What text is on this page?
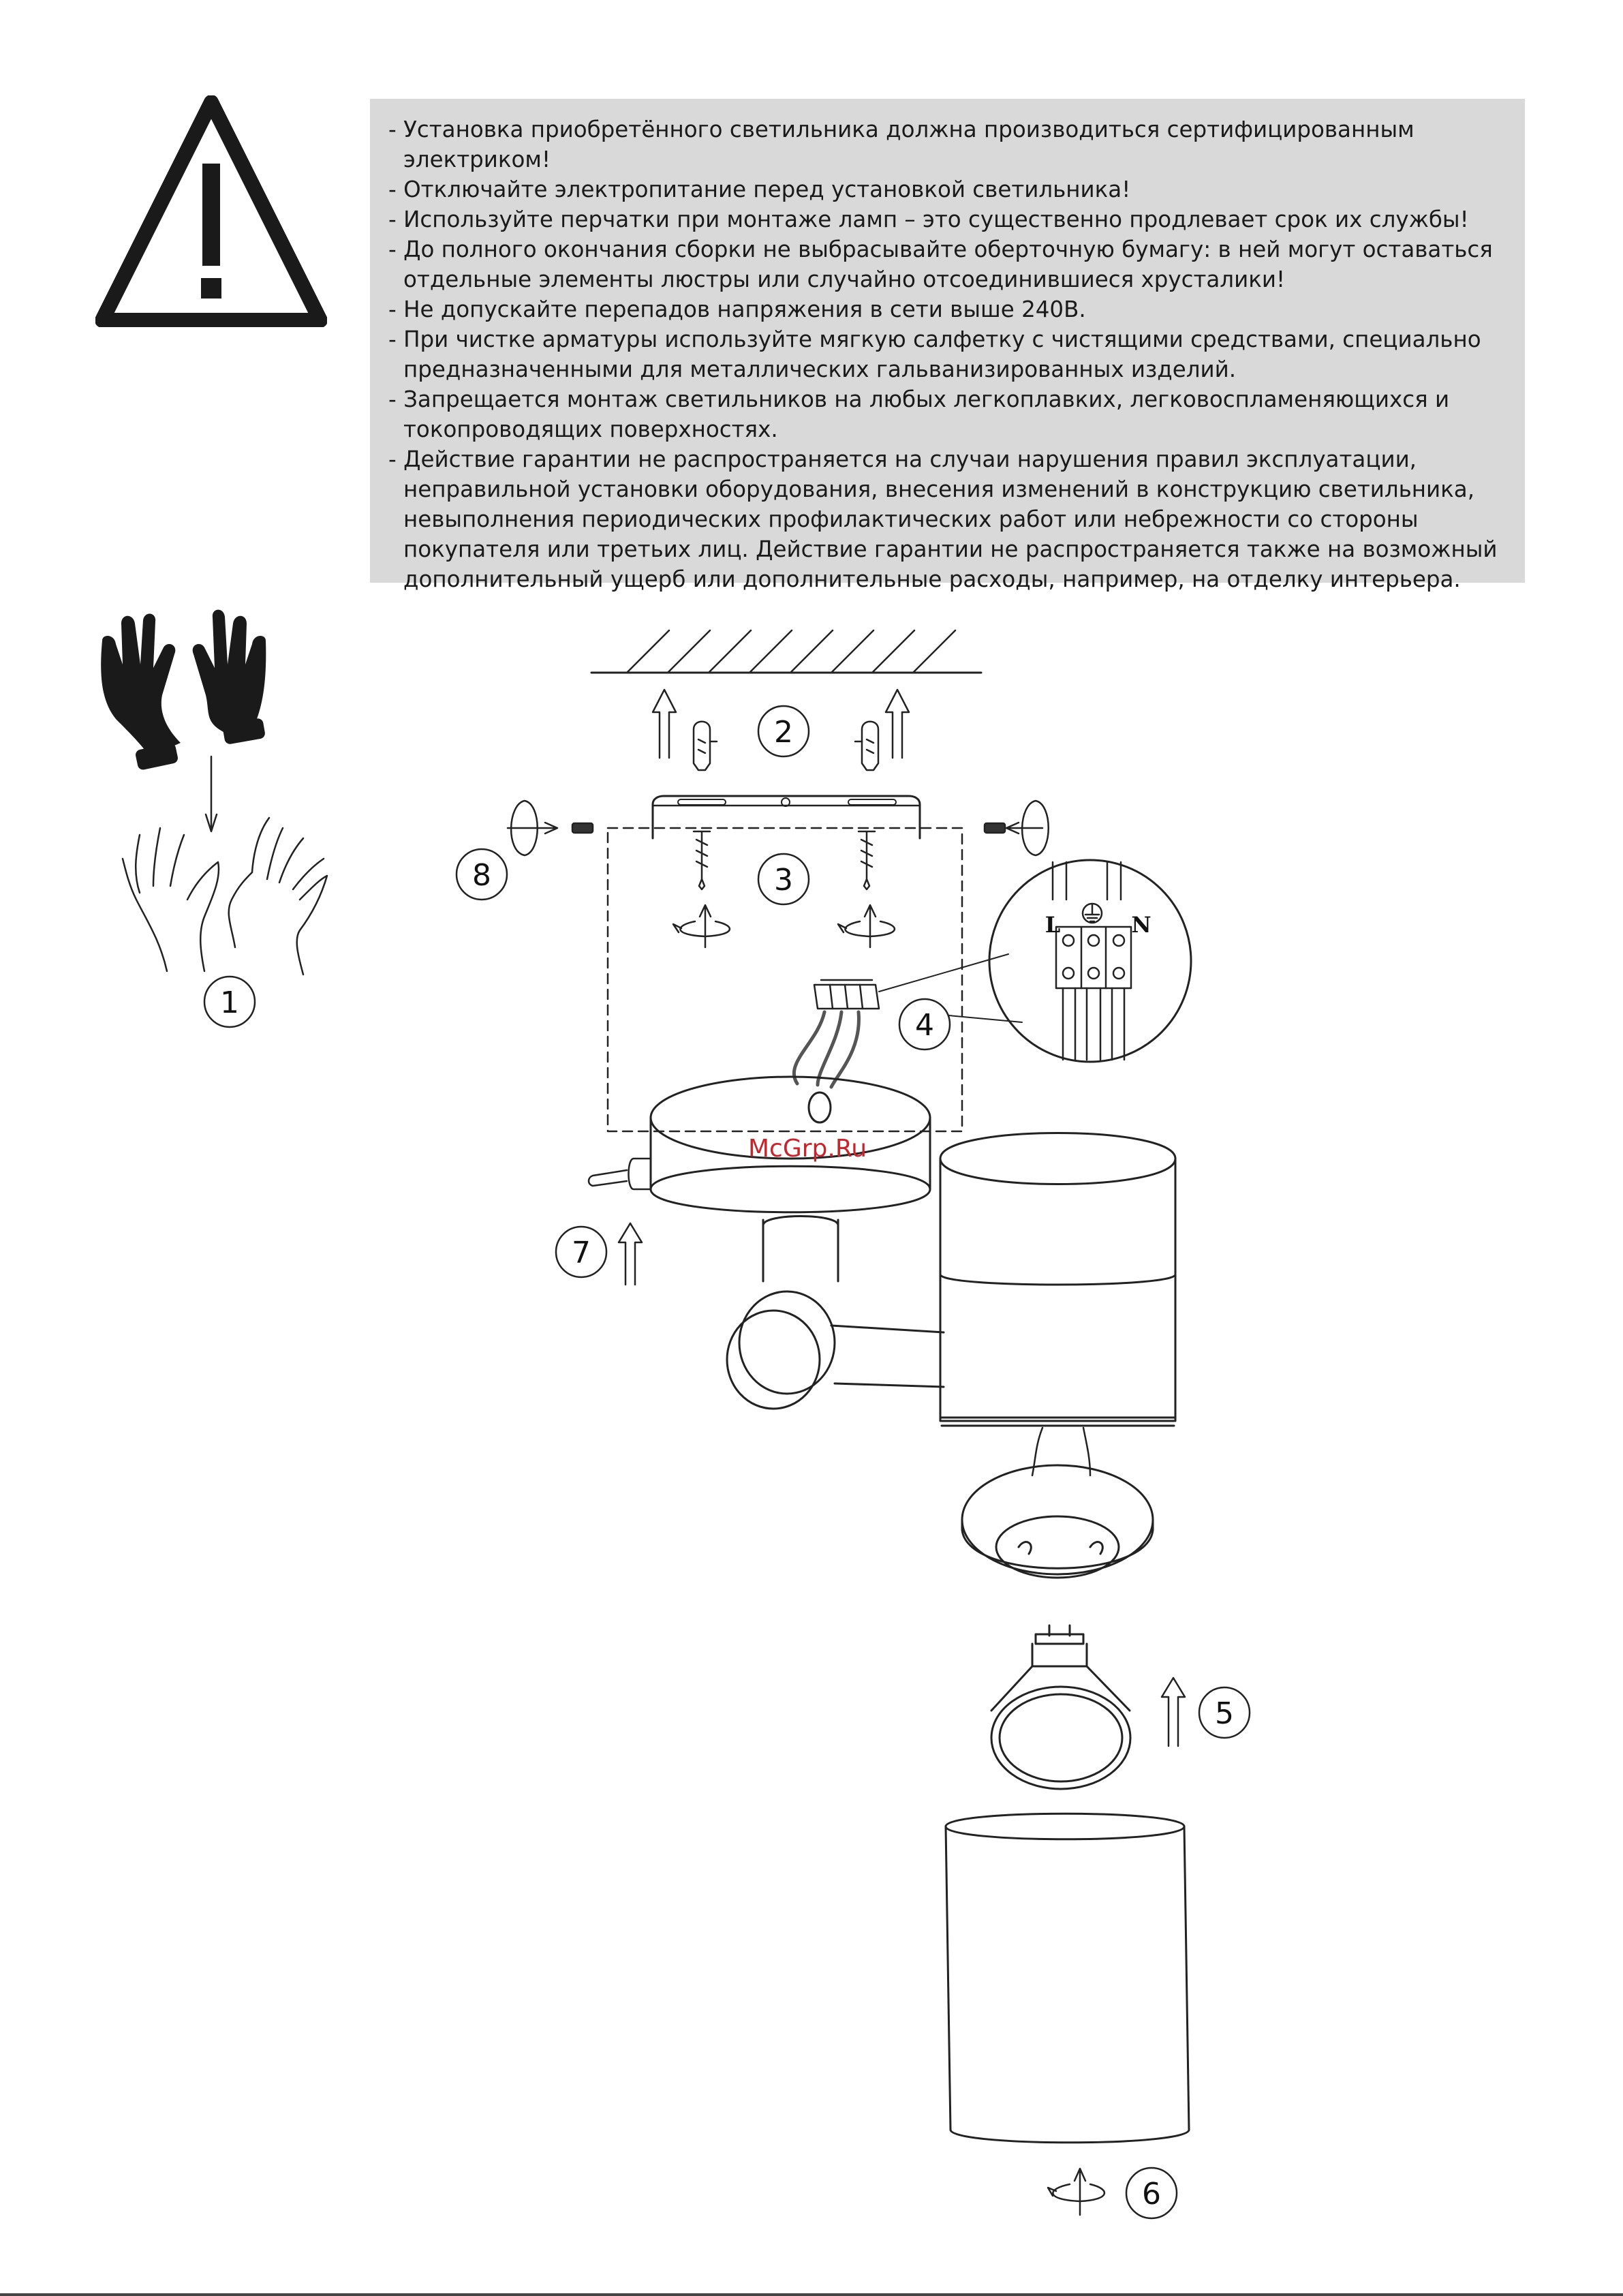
- Установка приобретённого светильника должна производиться сертифицированным электриком!
- Отключайте электропитание перед установкой светильника!
- Используйте перчатки при монтаже ламп – это существенно продлевает срок их службы!
- До полного окончания сборки не выбрасывайте оберточную бумагу: в ней могут оставаться отдельные элементы люстры или случайно отсоединившиеся хрусталики!
- Не допускайте перепадов напряжения в сети выше 240В.
- При чистке арматуры используйте мягкую салфетку с чистящими средствами, специально предназначенными для металлических гальванизированных изделий.
- Запрещается монтаж светильников на любых легкоплавких, легковоспламеняющихся и токопроводящих поверхностях.
- Действие гарантии не распространяется на случаи нарушения правил эксплуатации, неправильной установки оборудования, внесения изменений в конструкцию светильника, невыполнения периодических профилактических работ или небрежности со стороны покупателя или третьих лиц. Действие гарантии не распространяется также на возможный дополнительный ущерб или дополнительные расходы, например, на отделку интерьера.
1
2
3
8
4
L	N
McGrp.Ru
7
5
6
